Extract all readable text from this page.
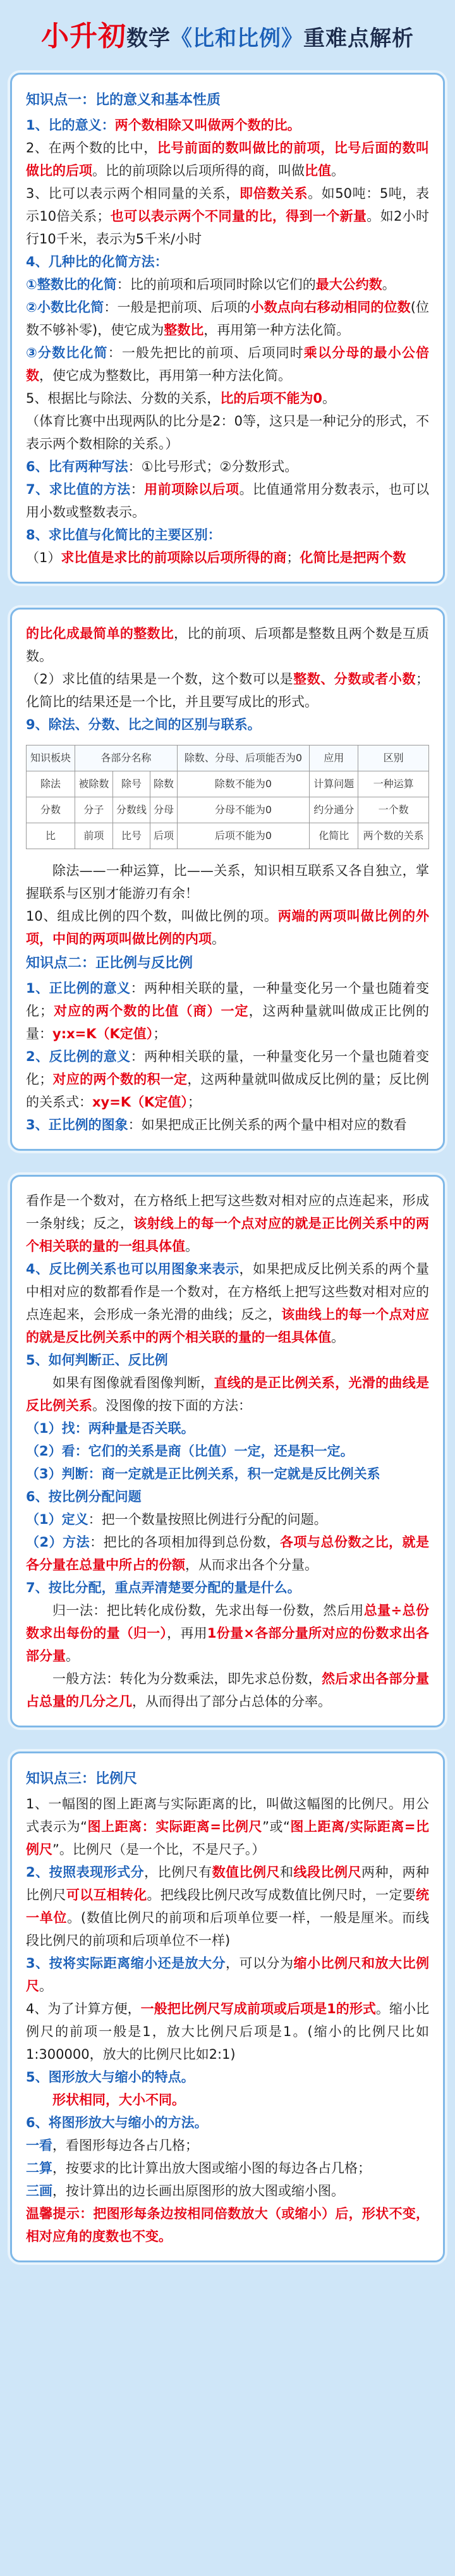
小升初数学《比和比例》重难点解析
知识点一：比的意义和基本性质
1、比的意义：两个数相除又叫做两个数的比。
2、在两个数的比中，比号前面的数叫做比的前项，比号后面的数叫做比的后项。比的前项除以后项所得的商，叫做比值。
3、比可以表示两个相同量的关系，即倍数关系。如50吨：5吨，表示10倍关系；也可以表示两个不同量的比，得到一个新量。如2小时行10千米，表示为5千米/小时
4、几种比的化简方法：
①整数比的化简：比的前项和后项同时除以它们的最大公约数。
②小数比化简：一般是把前项、后项的小数点向右移动相同的位数(位数不够补零)，使它成为整数比，再用第一种方法化简。
③分数比化简：一般先把比的前项、后项同时乘以分母的最小公倍数，使它成为整数比，再用第一种方法化简。
5、根据比与除法、分数的关系，比的后项不能为0。
（体育比赛中出现两队的比分是2：0等，这只是一种记分的形式，不表示两个数相除的关系。）
6、比有两种写法：①比号形式；②分数形式。
7、求比值的方法：用前项除以后项。比值通常用分数表示，也可以用小数或整数表示。
8、求比值与化简比的主要区别：
（1）求比值是求比的前项除以后项所得的商；化简比是把两个数
的比化成最简单的整数比，比的前项、后项都是整数且两个数是互质数。
（2）求比值的结果是一个数，这个数可以是整数、分数或者小数；化简比的结果还是一个比，并且要写成比的形式。
9、除法、分数、比之间的区别与联系。
知识板块	各部分名称			除数、分母、后项能否为0	应用	区别
除法	被除数	除号	除数	除数不能为0	计算问题	一种运算
分数	分子	分数线	分母	分母不能为0	约分通分	一个数
比	前项	比号	后项	后项不能为0	化简比	两个数的关系
除法——一种运算，比——关系，知识相互联系又各自独立，掌握联系与区别才能游刃有余！
10、组成比例的四个数，叫做比例的项。两端的两项叫做比例的外项，中间的两项叫做比例的内项。
知识点二：正比例与反比例
1、正比例的意义：两种相关联的量，一种量变化另一个量也随着变化；对应的两个数的比值（商）一定，这两种量就叫做成正比例的量：y:x=K（K定值）；
2、反比例的意义：两种相关联的量，一种量变化另一个量也随着变化；对应的两个数的积一定，这两种量就叫做成反比例的量；反比例的关系式：xy=K（K定值）；
3、正比例的图象：如果把成正比例关系的两个量中相对应的数看
看作是一个数对，在方格纸上把写这些数对相对应的点连起来，形成一条射线；反之，该射线上的每一个点对应的就是正比例关系中的两个相关联的量的一组具体值。
4、反比例关系也可以用图象来表示，如果把成反比例关系的两个量中相对应的数都看作是一个数对，在方格纸上把写这些数对相对应的点连起来，会形成一条光滑的曲线；反之，该曲线上的每一个点对应的就是反比例关系中的两个相关联的量的一组具体值。
5、如何判断正、反比例
如果有图像就看图像判断，直线的是正比例关系，光滑的曲线是反比例关系。没图像的按下面的方法：
（1）找：两种量是否关联。
（2）看：它们的关系是商（比值）一定，还是积一定。
（3）判断：商一定就是正比例关系，积一定就是反比例关系
6、按比例分配问题
（1）定义：把一个数量按照比例进行分配的问题。
（2）方法：把比的各项相加得到总份数，各项与总份数之比，就是各分量在总量中所占的份额，从而求出各个分量。
7、按比分配，重点弄清楚要分配的量是什么。
归一法：把比转化成份数，先求出每一份数，然后用总量÷总份数求出每份的量（归一），再用1份量×各部分量所对应的份数求出各部分量。
一般方法：转化为分数乘法，即先求总份数，然后求出各部分量占总量的几分之几，从而得出了部分占总体的分率。
知识点三：比例尺
1、一幅图的图上距离与实际距离的比，叫做这幅图的比例尺。用公式表示为“图上距离：实际距离=比例尺”或“图上距离/实际距离=比例尺”。比例尺（是一个比，不是尺子。）
2、按照表现形式分，比例尺有数值比例尺和线段比例尺两种，两种比例尺可以互相转化。把线段比例尺改写成数值比例尺时，一定要统一单位。(数值比例尺的前项和后项单位要一样，一般是厘米。而线段比例尺的前项和后项单位不一样)
3、按将实际距离缩小还是放大分，可以分为缩小比例尺和放大比例尺。
4、为了计算方便，一般把比例尺写成前项或后项是1的形式。缩小比例尺的前项一般是1，放大比例尺后项是1。(缩小的比例尺比如1:300000，放大的比例尺比如2:1)
5、图形放大与缩小的特点。
形状相同，大小不同。
6、将图形放大与缩小的方法。
一看，看图形每边各占几格；
二算，按要求的比计算出放大图或缩小图的每边各占几格；
三画，按计算出的边长画出原图形的放大图或缩小图。
温馨提示：把图形每条边按相同倍数放大（或缩小）后，形状不变，相对应角的度数也不变。
